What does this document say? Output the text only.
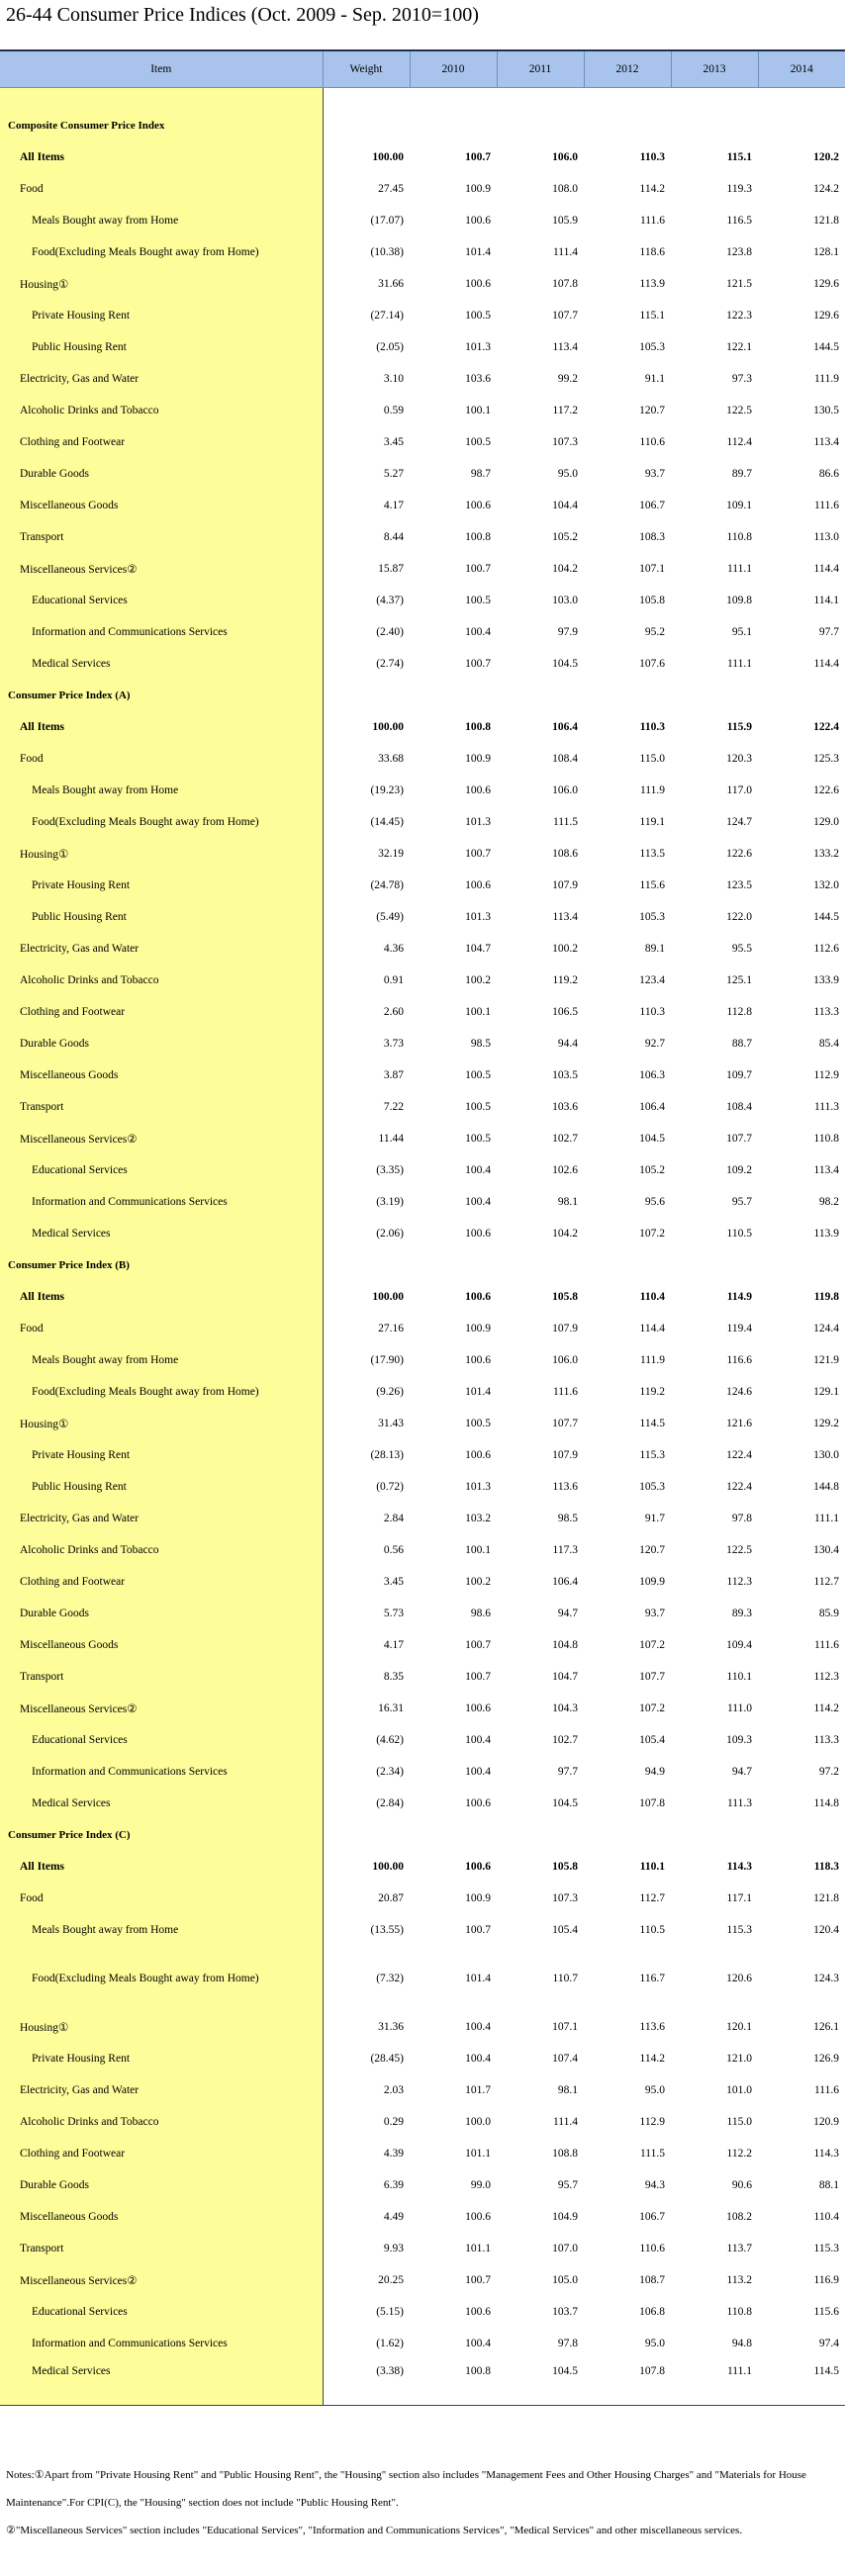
26-44 Consumer Price Indices (Oct. 2009 - Sep. 2010=100)
Item	Weight	2010	2011	2012	2013	2014

Composite Consumer Price Index						
All Items	100.00	100.7	106.0	110.3	115.1	120.2
Food	27.45	100.9	108.0	114.2	119.3	124.2
Meals Bought away from Home	(17.07)	100.6	105.9	111.6	116.5	121.8
Food(Excluding Meals Bought away from Home)	(10.38)	101.4	111.4	118.6	123.8	128.1
Housing①	31.66	100.6	107.8	113.9	121.5	129.6
Private Housing Rent	(27.14)	100.5	107.7	115.1	122.3	129.6
Public Housing Rent	(2.05)	101.3	113.4	105.3	122.1	144.5
Electricity, Gas and Water	3.10	103.6	99.2	91.1	97.3	111.9
Alcoholic Drinks and Tobacco	0.59	100.1	117.2	120.7	122.5	130.5
Clothing and Footwear	3.45	100.5	107.3	110.6	112.4	113.4
Durable Goods	5.27	98.7	95.0	93.7	89.7	86.6
Miscellaneous Goods	4.17	100.6	104.4	106.7	109.1	111.6
Transport	8.44	100.8	105.2	108.3	110.8	113.0
Miscellaneous Services②	15.87	100.7	104.2	107.1	111.1	114.4
Educational Services	(4.37)	100.5	103.0	105.8	109.8	114.1
Information and Communications Services	(2.40)	100.4	97.9	95.2	95.1	97.7
Medical Services	(2.74)	100.7	104.5	107.6	111.1	114.4
Consumer Price Index (A)						
All Items	100.00	100.8	106.4	110.3	115.9	122.4
Food	33.68	100.9	108.4	115.0	120.3	125.3
Meals Bought away from Home	(19.23)	100.6	106.0	111.9	117.0	122.6
Food(Excluding Meals Bought away from Home)	(14.45)	101.3	111.5	119.1	124.7	129.0
Housing①	32.19	100.7	108.6	113.5	122.6	133.2
Private Housing Rent	(24.78)	100.6	107.9	115.6	123.5	132.0
Public Housing Rent	(5.49)	101.3	113.4	105.3	122.0	144.5
Electricity, Gas and Water	4.36	104.7	100.2	89.1	95.5	112.6
Alcoholic Drinks and Tobacco	0.91	100.2	119.2	123.4	125.1	133.9
Clothing and Footwear	2.60	100.1	106.5	110.3	112.8	113.3
Durable Goods	3.73	98.5	94.4	92.7	88.7	85.4
Miscellaneous Goods	3.87	100.5	103.5	106.3	109.7	112.9
Transport	7.22	100.5	103.6	106.4	108.4	111.3
Miscellaneous Services②	11.44	100.5	102.7	104.5	107.7	110.8
Educational Services	(3.35)	100.4	102.6	105.2	109.2	113.4
Information and Communications Services	(3.19)	100.4	98.1	95.6	95.7	98.2
Medical Services	(2.06)	100.6	104.2	107.2	110.5	113.9
Consumer Price Index (B)						
All Items	100.00	100.6	105.8	110.4	114.9	119.8
Food	27.16	100.9	107.9	114.4	119.4	124.4
Meals Bought away from Home	(17.90)	100.6	106.0	111.9	116.6	121.9
Food(Excluding Meals Bought away from Home)	(9.26)	101.4	111.6	119.2	124.6	129.1
Housing①	31.43	100.5	107.7	114.5	121.6	129.2
Private Housing Rent	(28.13)	100.6	107.9	115.3	122.4	130.0
Public Housing Rent	(0.72)	101.3	113.6	105.3	122.4	144.8
Electricity, Gas and Water	2.84	103.2	98.5	91.7	97.8	111.1
Alcoholic Drinks and Tobacco	0.56	100.1	117.3	120.7	122.5	130.4
Clothing and Footwear	3.45	100.2	106.4	109.9	112.3	112.7
Durable Goods	5.73	98.6	94.7	93.7	89.3	85.9
Miscellaneous Goods	4.17	100.7	104.8	107.2	109.4	111.6
Transport	8.35	100.7	104.7	107.7	110.1	112.3
Miscellaneous Services②	16.31	100.6	104.3	107.2	111.0	114.2
Educational Services	(4.62)	100.4	102.7	105.4	109.3	113.3
Information and Communications Services	(2.34)	100.4	97.7	94.9	94.7	97.2
Medical Services	(2.84)	100.6	104.5	107.8	111.3	114.8
Consumer Price Index (C)						
All Items	100.00	100.6	105.8	110.1	114.3	118.3
Food	20.87	100.9	107.3	112.7	117.1	121.8
Meals Bought away from Home	(13.55)	100.7	105.4	110.5	115.3	120.4
Food(Excluding Meals Bought away from Home)	(7.32)	101.4	110.7	116.7	120.6	124.3
Housing①	31.36	100.4	107.1	113.6	120.1	126.1
Private Housing Rent	(28.45)	100.4	107.4	114.2	121.0	126.9
Electricity, Gas and Water	2.03	101.7	98.1	95.0	101.0	111.6
Alcoholic Drinks and Tobacco	0.29	100.0	111.4	112.9	115.0	120.9
Clothing and Footwear	4.39	101.1	108.8	111.5	112.2	114.3
Durable Goods	6.39	99.0	95.7	94.3	90.6	88.1
Miscellaneous Goods	4.49	100.6	104.9	106.7	108.2	110.4
Transport	9.93	101.1	107.0	110.6	113.7	115.3
Miscellaneous Services②	20.25	100.7	105.0	108.7	113.2	116.9
Educational Services	(5.15)	100.6	103.7	106.8	110.8	115.6
Information and Communications Services	(1.62)	100.4	97.8	95.0	94.8	97.4
Medical Services	(3.38)	100.8	104.5	107.8	111.1	114.5

Notes:①Apart from "Private Housing Rent" and "Public Housing Rent", the "Housing" section also includes "Management Fees and Other Housing Charges" and "Materials for House Maintenance".For CPI(C), the "Housing" section does not include "Public Housing Rent".

②"Miscellaneous Services" section includes "Educational Services", "Information and Communications Services", "Medical Services" and other miscellaneous services.
